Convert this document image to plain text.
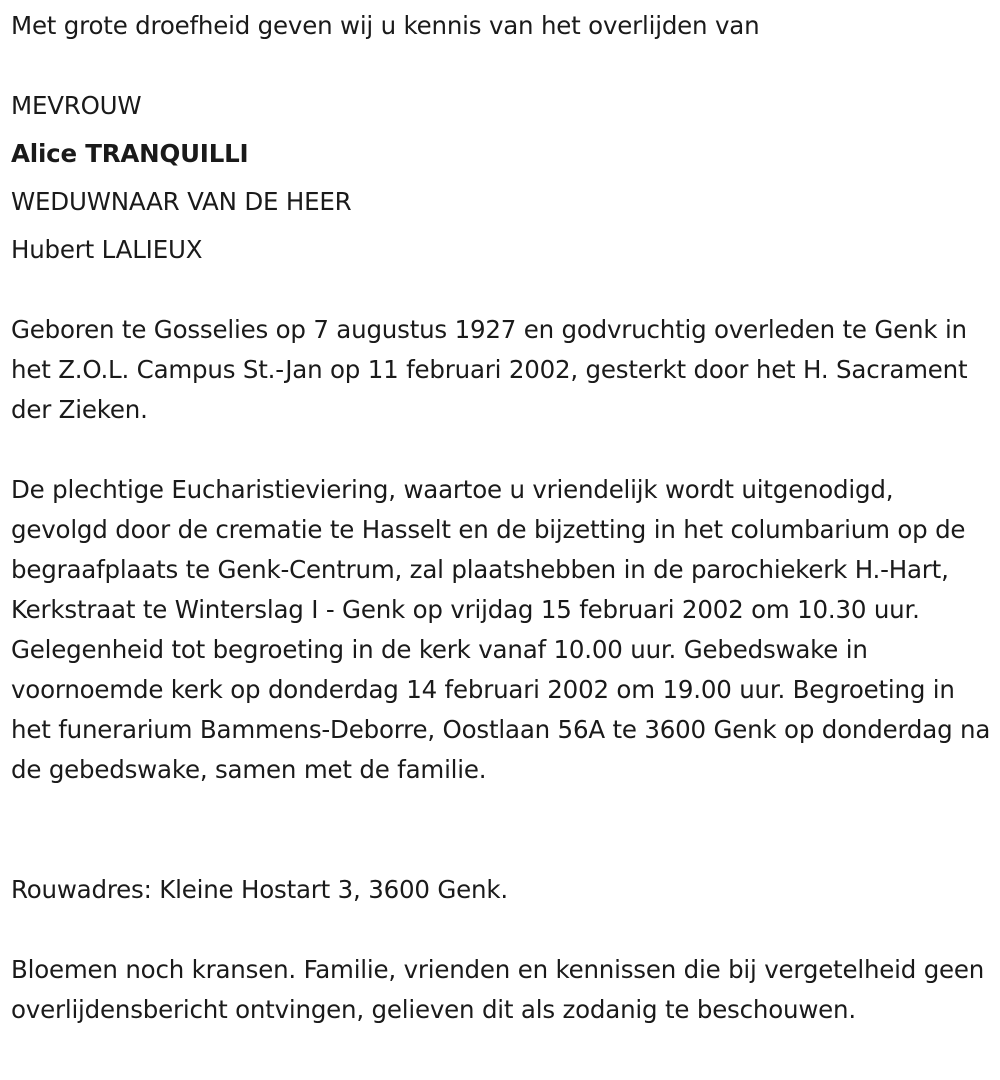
Met grote droefheid geven wij u kennis van het overlijden van
MEVROUW
Alice TRANQUILLI
WEDUWNAAR VAN DE HEER
Hubert LALIEUX

Geboren te Gosselies op 7 augustus 1927 en godvruchtig overleden te Genk in het Z.O.L. Campus St.-Jan op 11 februari 2002, gesterkt door het H. Sacrament der Zieken.

De plechtige Eucharistieviering, waartoe u vriendelijk wordt uitgenodigd, gevolgd door de crematie te Hasselt en de bijzetting in het columbarium op de begraafplaats te Genk-Centrum, zal plaatshebben in de parochiekerk H.-Hart, Kerkstraat te Winterslag I - Genk op vrijdag 15 februari 2002 om 10.30 uur. Gelegenheid tot begroeting in de kerk vanaf 10.00 uur. Gebedswake in voornoemde kerk op donderdag 14 februari 2002 om 19.00 uur. Begroeting in het funerarium Bammens-Deborre, Oostlaan 56A te 3600 Genk op donderdag na de gebedswake, samen met de familie.

Rouwadres: Kleine Hostart 3, 3600 Genk.

Bloemen noch kransen. Familie, vrienden en kennissen die bij vergetelheid geen overlijdensbericht ontvingen, gelieven dit als zodanig te beschouwen.
